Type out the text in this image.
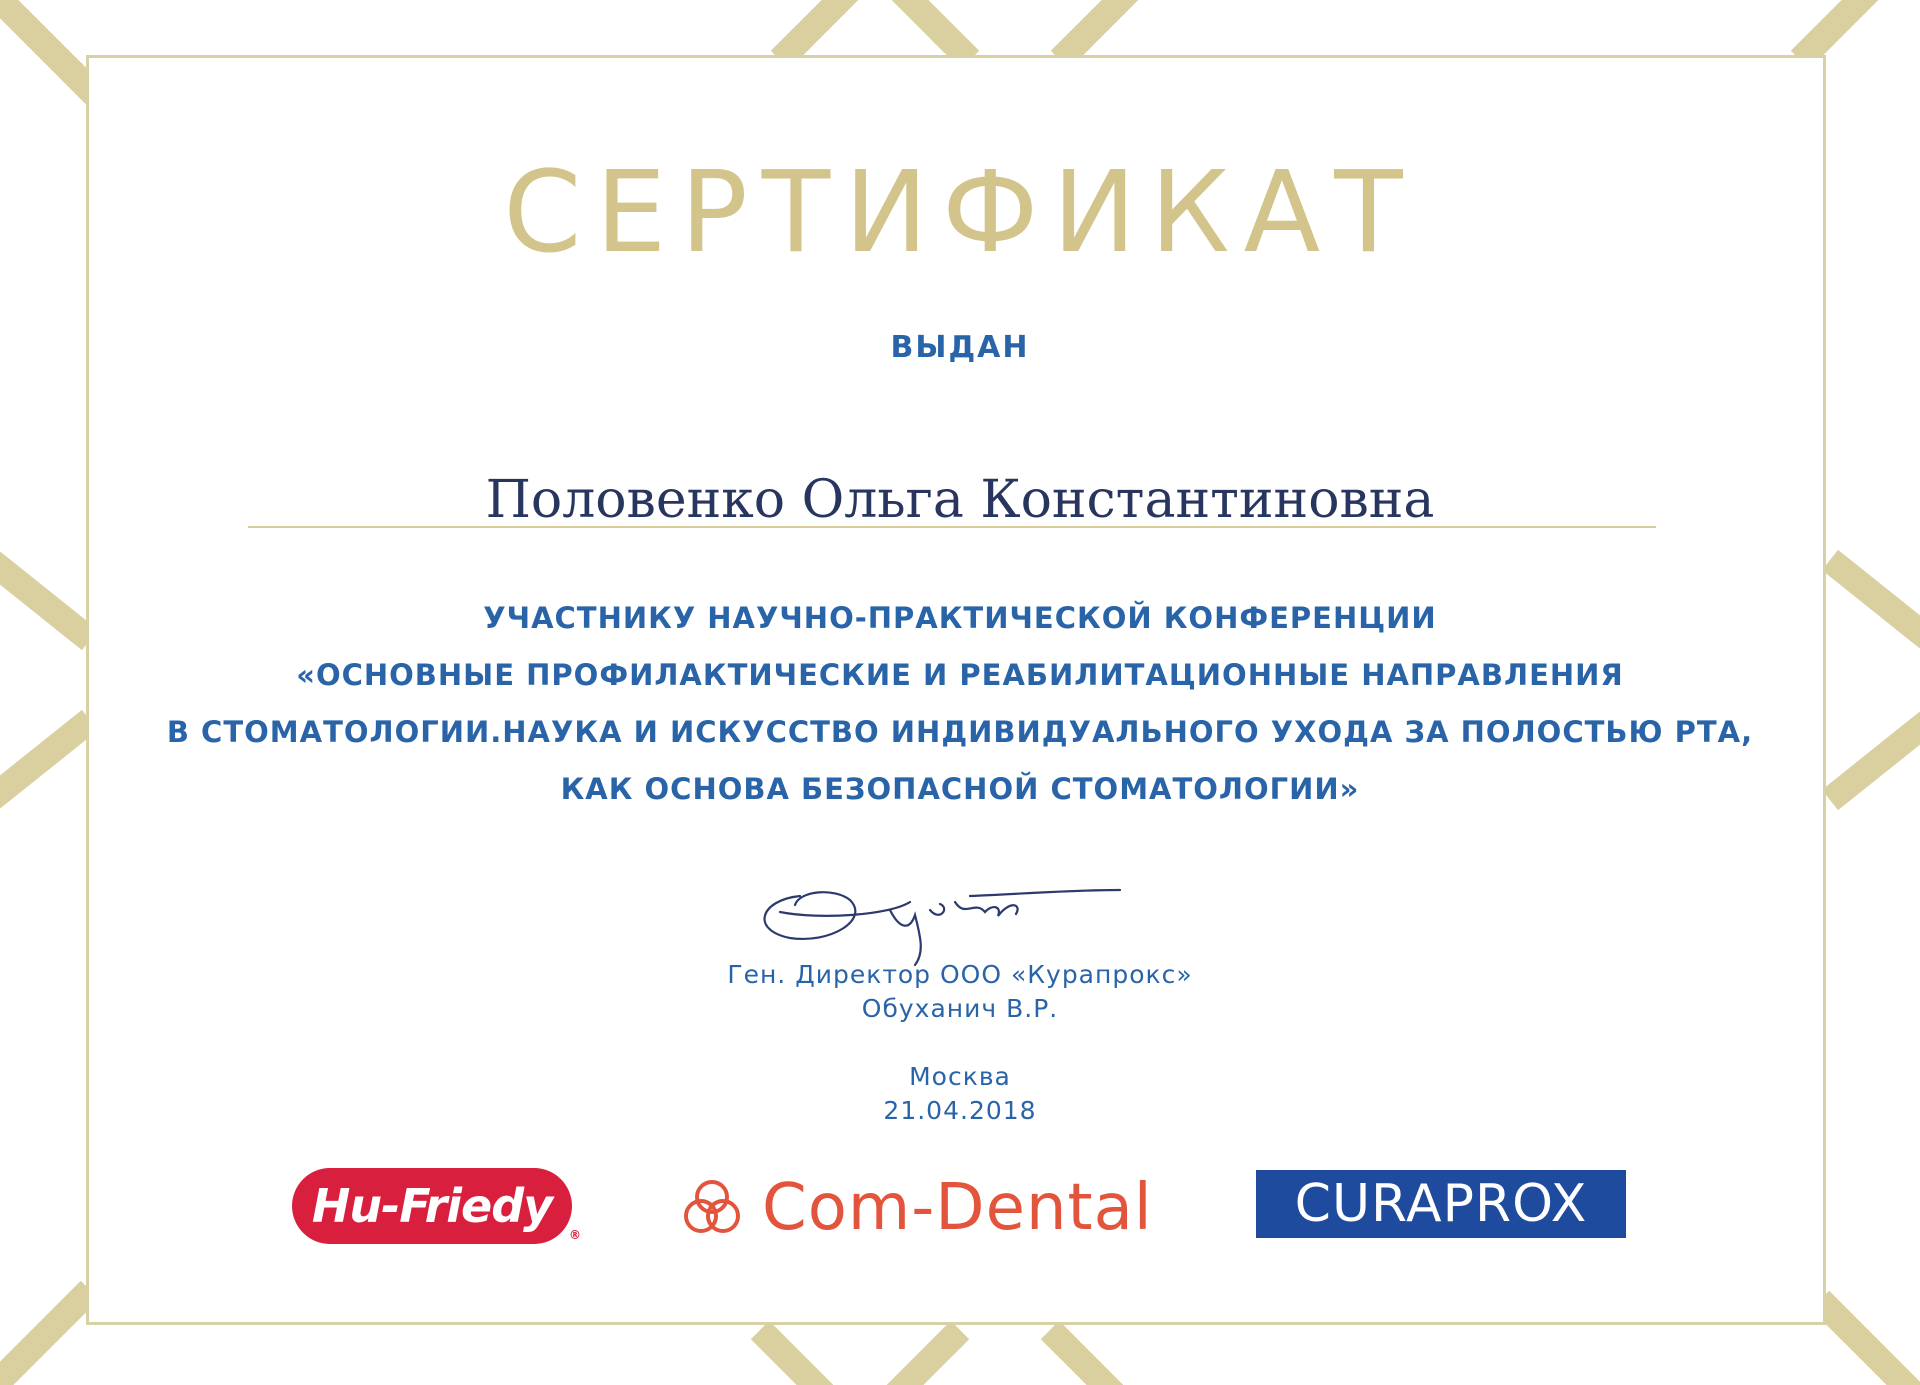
СЕРТИФИКАТ
ВЫДАН
Половенко Ольга Константиновна
УЧАСТНИКУ НАУЧНО-ПРАКТИЧЕСКОЙ КОНФЕРЕНЦИИ
«ОСНОВНЫЕ ПРОФИЛАКТИЧЕСКИЕ И РЕАБИЛИТАЦИОННЫЕ НАПРАВЛЕНИЯ
В СТОМАТОЛОГИИ.НАУКА И ИСКУССТВО ИНДИВИДУАЛЬНОГО УХОДА ЗА ПОЛОСТЬЮ РТА,
КАК ОСНОВА БЕЗОПАСНОЙ СТОМАТОЛОГИИ»
Ген. Директор ООО «Курапрокс»
Обуханич В.Р.
Москва
21.04.2018
Hu-Friedy
®	Com-Dental	CURAPROX
